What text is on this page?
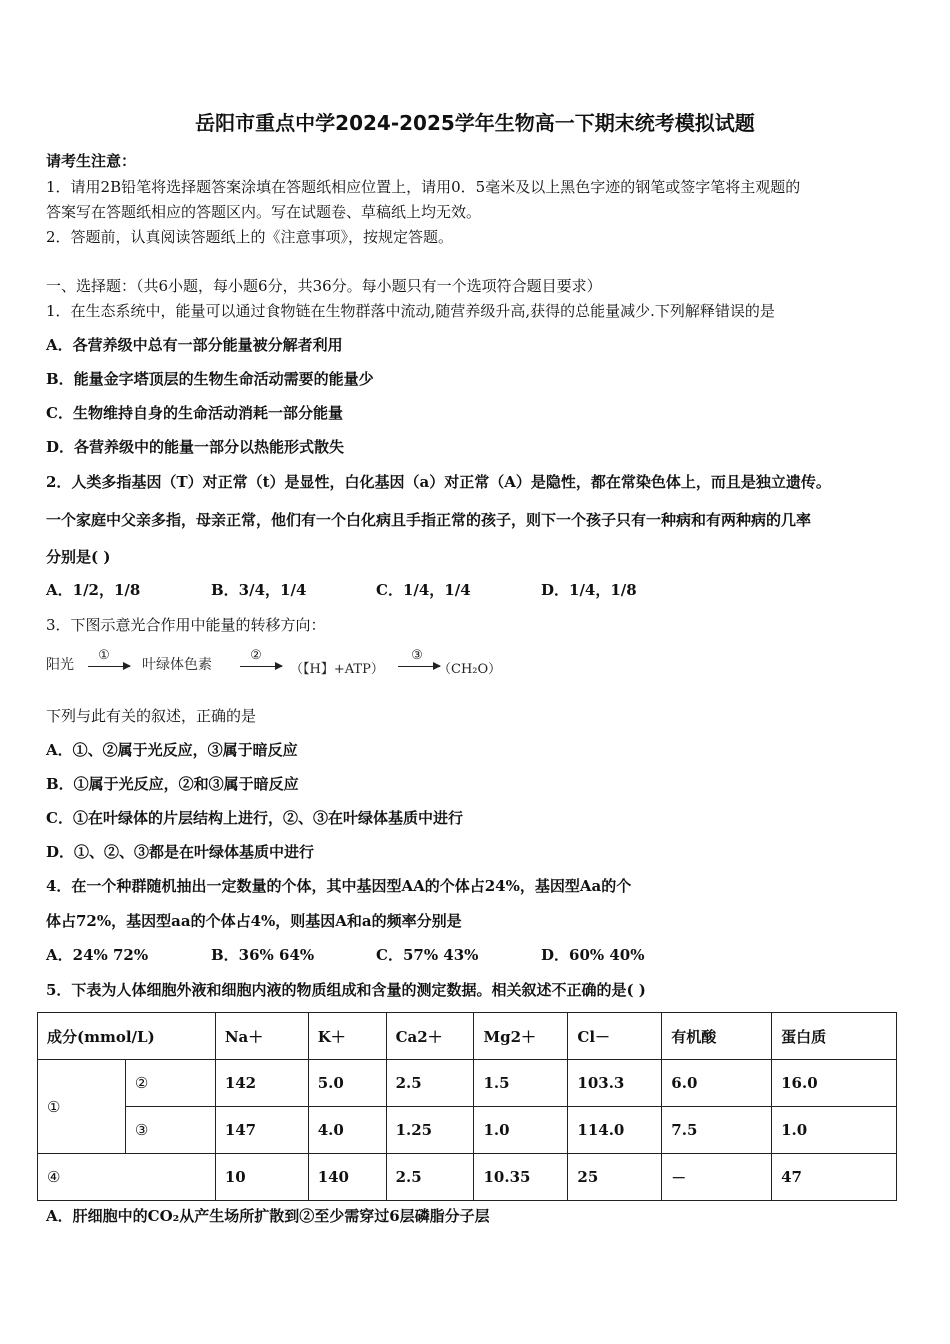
岳阳市重点中学2024-2025学年生物高一下期末统考模拟试题
请考生注意：
1．请用2B铅笔将选择题答案涂填在答题纸相应位置上，请用0．5毫米及以上黑色字迹的钢笔或签字笔将主观题的
答案写在答题纸相应的答题区内。写在试题卷、草稿纸上均无效。
2．答题前，认真阅读答题纸上的《注意事项》，按规定答题。
一、选择题：（共6小题，每小题6分，共36分。每小题只有一个选项符合题目要求）
1．在生态系统中，能量可以通过食物链在生物群落中流动,随营养级升高,获得的总能量减少.下列解释错误的是
A．各营养级中总有一部分能量被分解者利用
B．能量金字塔顶层的生物生命活动需要的能量少
C．生物维持自身的生命活动消耗一部分能量
D．各营养级中的能量一部分以热能形式散失
2．人类多指基因（T）对正常（t）是显性，白化基因（a）对正常（A）是隐性，都在常染色体上，而且是独立遗传。
一个家庭中父亲多指，母亲正常，他们有一个白化病且手指正常的孩子，则下一个孩子只有一种病和有两种病的几率
分别是( )
A．1/2，1/8	B．3/4，1/4	C．1/4，1/4	D．1/4，1/8
3．下图示意光合作用中能量的转移方向：
阳光
①
叶绿体色素
②
（【H】+ATP）
③
（CH₂O）
下列与此有关的叙述，正确的是
A．①、②属于光反应，③属于暗反应
B．①属于光反应，②和③属于暗反应
C．①在叶绿体的片层结构上进行，②、③在叶绿体基质中进行
D．①、②、③都是在叶绿体基质中进行
4．在一个种群随机抽出一定数量的个体，其中基因型AA的个体占24%，基因型Aa的个
体占72%，基因型aa的个体占4%，则基因A和a的频率分别是
A．24% 72%	B．36% 64%	C．57% 43%	D．60% 40%
5．下表为人体细胞外液和细胞内液的物质组成和含量的测定数据。相关叙述不正确的是( )
成分(mmol/L)		Na＋	K＋	Ca2＋	Mg2＋	Cl－	有机酸	蛋白质
①	②	142	5.0	2.5	1.5	103.3	6.0	16.0
	③	147	4.0	1.25	1.0	114.0	7.5	1.0
④		10	140	2.5	10.35	25	－	47
A．肝细胞中的CO₂从产生场所扩散到②至少需穿过6层磷脂分子层
